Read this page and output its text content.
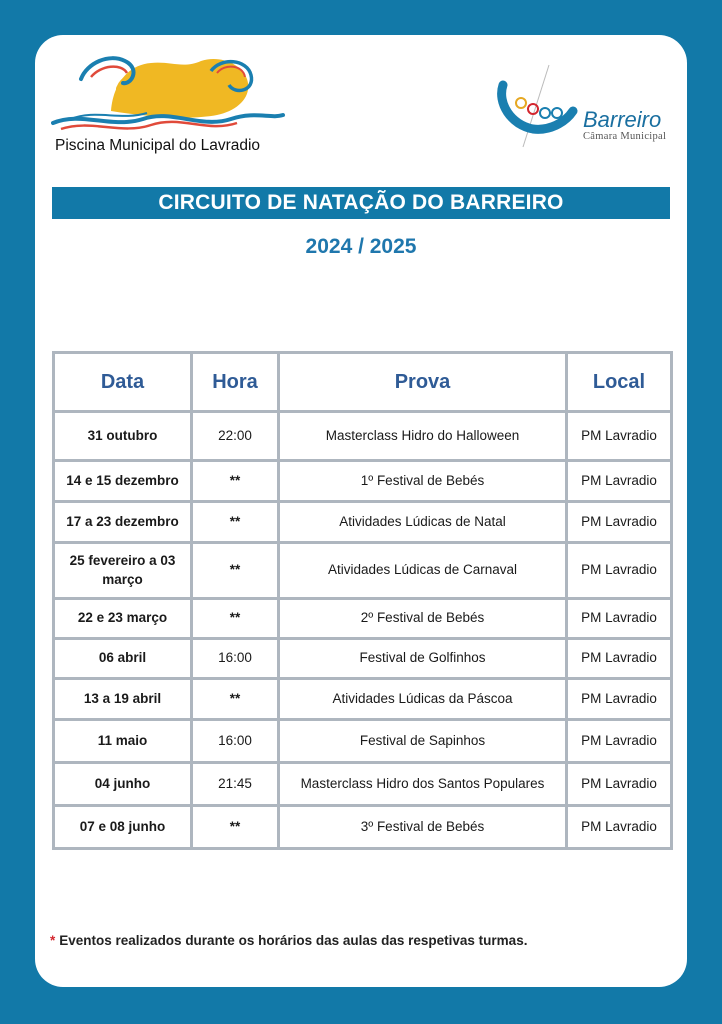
Piscina Municipal do Lavradio
Barreiro
Câmara Municipal
CIRCUITO DE NATAÇÃO DO BARREIRO
2024 / 2025
Data	Hora	Prova	Local
31 outubro	22:00	Masterclass Hidro do Halloween	PM Lavradio
14 e 15 dezembro	**	1º Festival de Bebés	PM Lavradio
17 a 23 dezembro	**	Atividades Lúdicas de Natal	PM Lavradio
25 fevereiro a 03 março	**	Atividades Lúdicas de Carnaval	PM Lavradio
22 e 23 março	**	2º Festival de Bebés	PM Lavradio
06 abril	16:00	Festival de Golfinhos	PM Lavradio
13 a 19 abril	**	Atividades Lúdicas da Páscoa	PM Lavradio
11 maio	16:00	Festival de Sapinhos	PM Lavradio
04 junho	21:45	Masterclass Hidro dos Santos Populares	PM Lavradio
07 e 08 junho	**	3º Festival de Bebés	PM Lavradio
* Eventos realizados durante os horários das aulas das respetivas turmas.
